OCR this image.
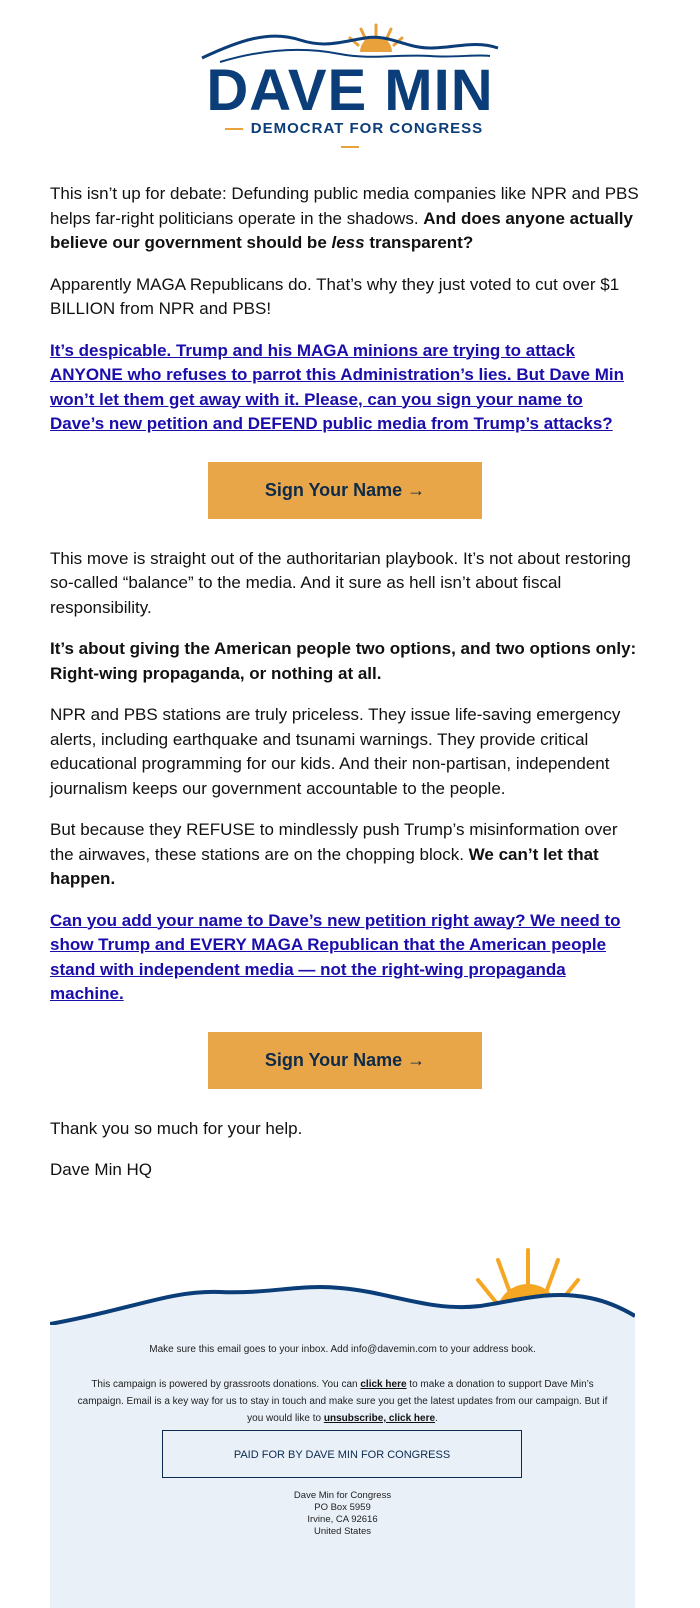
DAVE MIN
DEMOCRAT FOR CONGRESS

This isn’t up for debate: Defunding public media companies like NPR and PBS helps far-right politicians operate in the shadows. And does anyone actually believe our government should be less transparent?

Apparently MAGA Republicans do. That’s why they just voted to cut over $1 BILLION from NPR and PBS!

It’s despicable. Trump and his MAGA minions are trying to attack ANYONE who refuses to parrot this Administration’s lies. But Dave Min won’t let them get away with it. Please, can you sign your name to Dave’s new petition and DEFEND public media from Trump’s attacks?

Sign Your Name →

This move is straight out of the authoritarian playbook. It’s not about restoring so-called “balance” to the media. And it sure as hell isn’t about fiscal responsibility.

It’s about giving the American people two options, and two options only: Right-wing propaganda, or nothing at all.

NPR and PBS stations are truly priceless. They issue life-saving emergency alerts, including earthquake and tsunami warnings. They provide critical educational programming for our kids. And their non-partisan, independent journalism keeps our government accountable to the people.

But because they REFUSE to mindlessly push Trump’s misinformation over the airwaves, these stations are on the chopping block. We can’t let that happen.

Can you add your name to Dave’s new petition right away? We need to show Trump and EVERY MAGA Republican that the American people stand with independent media — not the right-wing propaganda machine.

Sign Your Name →

Thank you so much for your help.

Dave Min HQ

Make sure this email goes to your inbox. Add info@davemin.com to your address book.

This campaign is powered by grassroots donations. You can click here to make a donation to support Dave Min’s campaign. Email is a key way for us to stay in touch and make sure you get the latest updates from our campaign. But if you would like to unsubscribe, click here.

PAID FOR BY DAVE MIN FOR CONGRESS
Dave Min for Congress
PO Box 5959
Irvine, CA 92616
United States
